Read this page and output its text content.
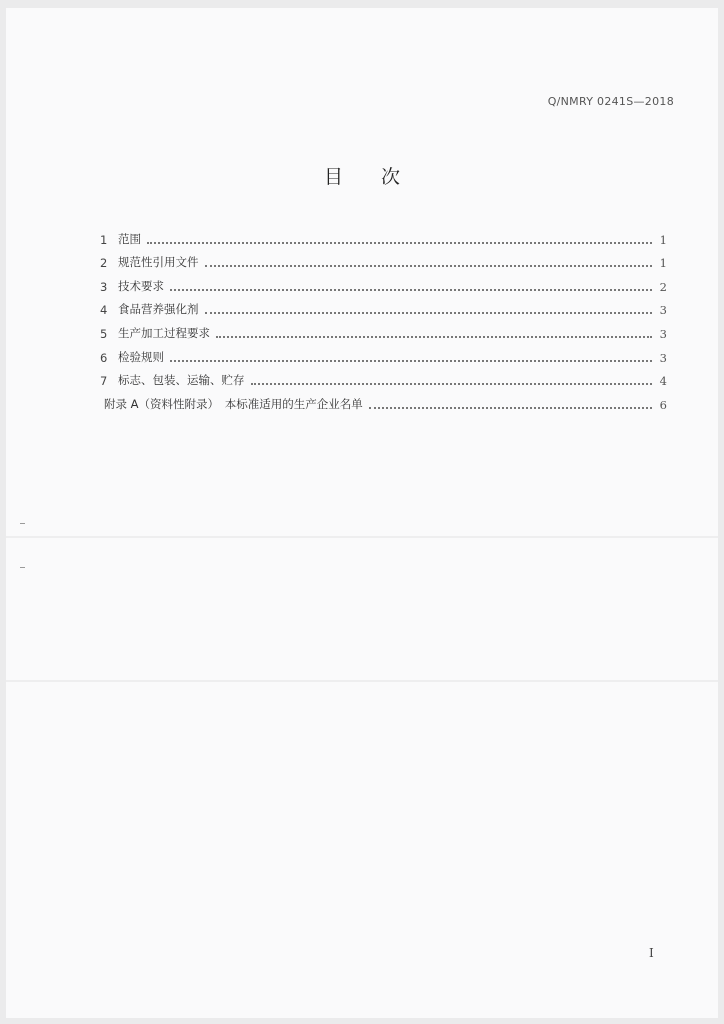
Q/NMRY 0241S—2018
目 次
1 范围	1
2 规范性引用文件	1
3 技术要求	2
4 食品营养强化剂	3
5 生产加工过程要求	3
6 检验规则	3
7 标志、包装、运输、贮存	4
附录 A（资料性附录）　本标准适用的生产企业名单	6
I
